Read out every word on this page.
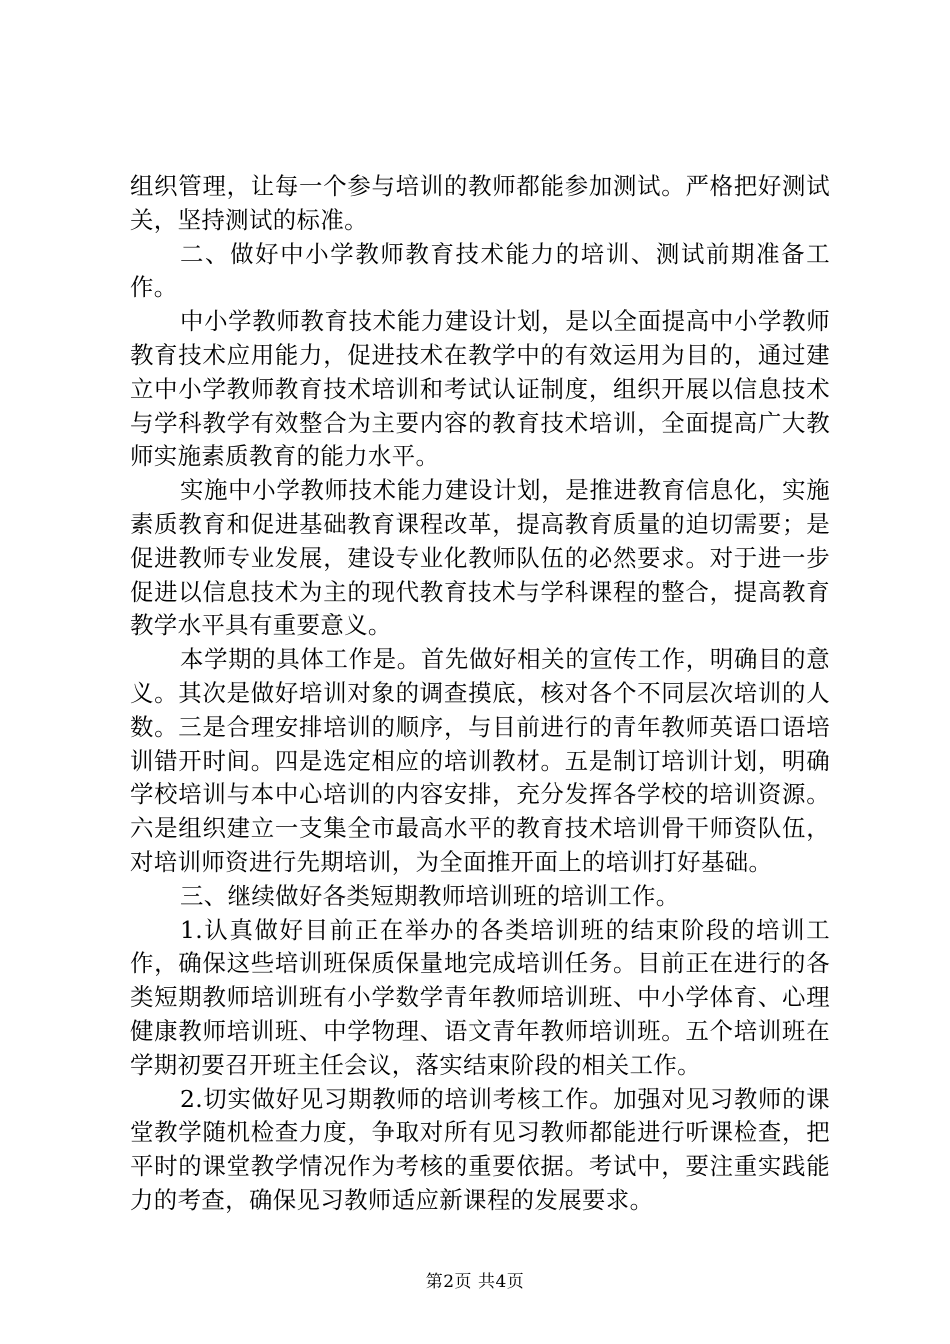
组织管理，让每一个参与培训的教师都能参加测试。严格把好测试关，坚持测试的标准。

二、做好中小学教师教育技术能力的培训、测试前期准备工作。

中小学教师教育技术能力建设计划，是以全面提高中小学教师教育技术应用能力，促进技术在教学中的有效运用为目的，通过建立中小学教师教育技术培训和考试认证制度，组织开展以信息技术与学科教学有效整合为主要内容的教育技术培训，全面提高广大教师实施素质教育的能力水平。

实施中小学教师技术能力建设计划，是推进教育信息化，实施素质教育和促进基础教育课程改革，提高教育质量的迫切需要；是促进教师专业发展，建设专业化教师队伍的必然要求。对于进一步促进以信息技术为主的现代教育技术与学科课程的整合，提高教育教学水平具有重要意义。

本学期的具体工作是。首先做好相关的宣传工作，明确目的意义。其次是做好培训对象的调查摸底，核对各个不同层次培训的人数。三是合理安排培训的顺序，与目前进行的青年教师英语口语培训错开时间。四是选定相应的培训教材。五是制订培训计划，明确学校培训与本中心培训的内容安排，充分发挥各学校的培训资源。六是组织建立一支集全市最高水平的教育技术培训骨干师资队伍，对培训师资进行先期培训，为全面推开面上的培训打好基础。

三、继续做好各类短期教师培训班的培训工作。

1.认真做好目前正在举办的各类培训班的结束阶段的培训工作，确保这些培训班保质保量地完成培训任务。目前正在进行的各类短期教师培训班有小学数学青年教师培训班、中小学体育、心理健康教师培训班、中学物理、语文青年教师培训班。五个培训班在学期初要召开班主任会议，落实结束阶段的相关工作。

2.切实做好见习期教师的培训考核工作。加强对见习教师的课堂教学随机检查力度，争取对所有见习教师都能进行听课检查，把平时的课堂教学情况作为考核的重要依据。考试中，要注重实践能力的考查，确保见习教师适应新课程的发展要求。

第2页 共4页
